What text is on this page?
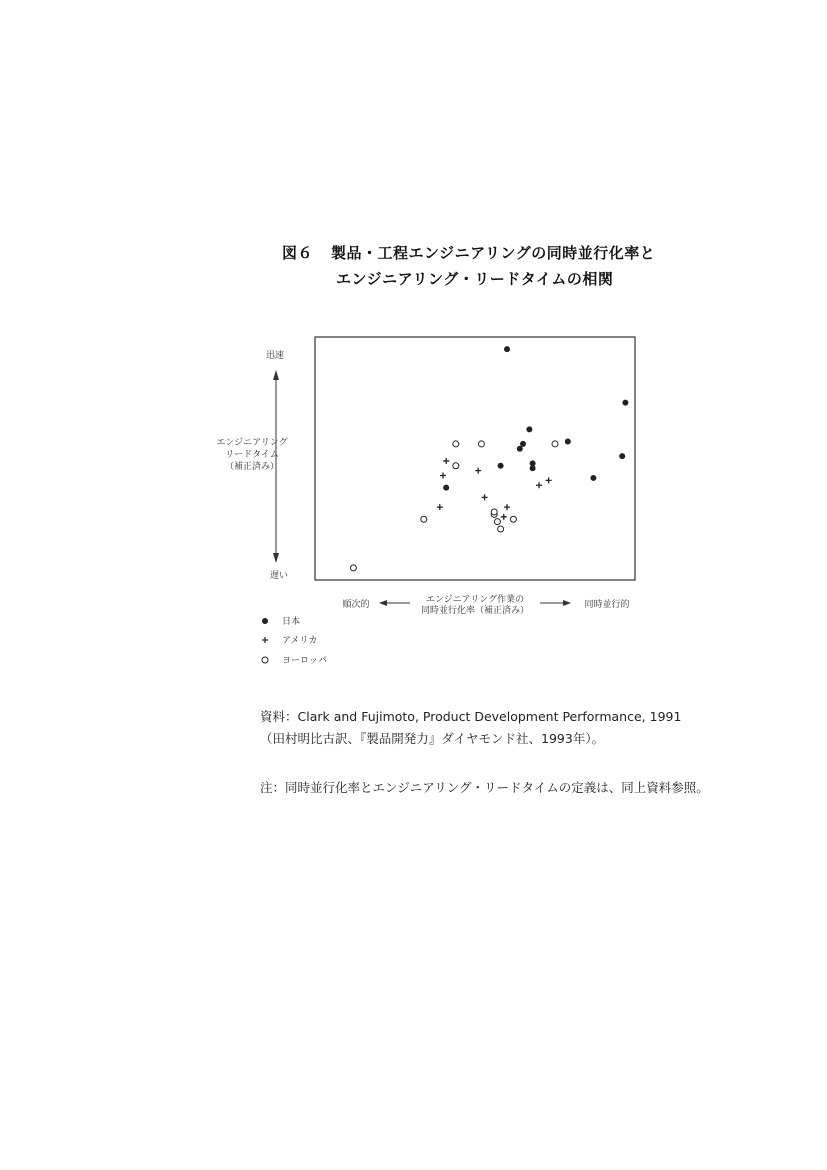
図６ 製品・工程エンジニアリングの同時並行化率と
エンジニアリング・リードタイムの相関
迅速
遅い
エンジニアリング
リードタイム
（補正済み）
順次的	エンジニアリング作業の
同時並行化率（補正済み）
同時並行的
日本
アメリカ
ヨーロッパ
資料：Clark and Fujimoto, Product Development Performance, 1991
（田村明比古訳、『製品開発力』ダイヤモンド社、1993年）。
注：同時並行化率とエンジニアリング・リードタイムの定義は、同上資料参照。
